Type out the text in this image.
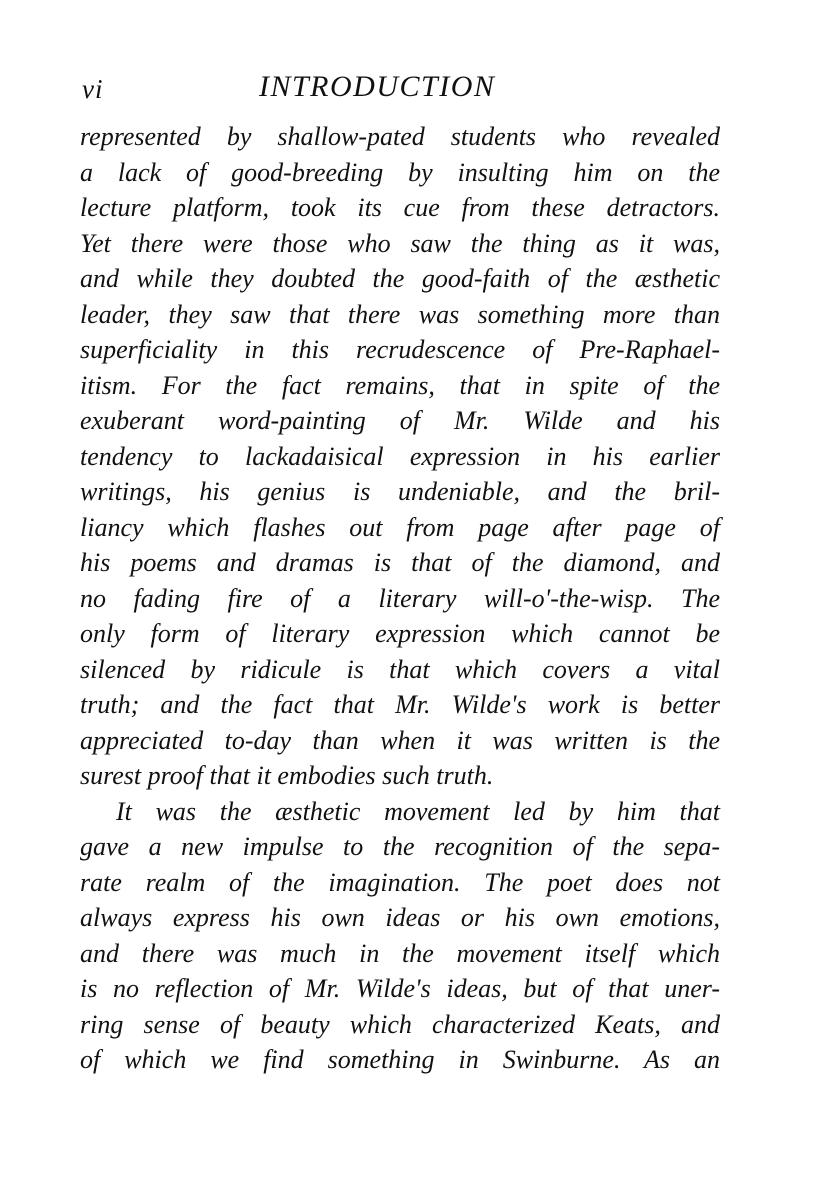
vi	INTRODUCTION
represented by shallow-pated students who revealed
a lack of good-breeding by insulting him on the
lecture platform, took its cue from these detractors.
Yet there were those who saw the thing as it was,
and while they doubted the good-faith of the æsthetic
leader, they saw that there was something more than
superficiality in this recrudescence of Pre-Raphael-
itism. For the fact remains, that in spite of the
exuberant word-painting of Mr. Wilde and his
tendency to lackadaisical expression in his earlier
writings, his genius is undeniable, and the bril-
liancy which flashes out from page after page of
his poems and dramas is that of the diamond, and
no fading fire of a literary will-o'-the-wisp. The
only form of literary expression which cannot be
silenced by ridicule is that which covers a vital
truth; and the fact that Mr. Wilde's work is better
appreciated to-day than when it was written is the
surest proof that it embodies such truth.
It was the æsthetic movement led by him that
gave a new impulse to the recognition of the sepa-
rate realm of the imagination. The poet does not
always express his own ideas or his own emotions,
and there was much in the movement itself which
is no reflection of Mr. Wilde's ideas, but of that uner-
ring sense of beauty which characterized Keats, and
of which we find something in Swinburne. As an
